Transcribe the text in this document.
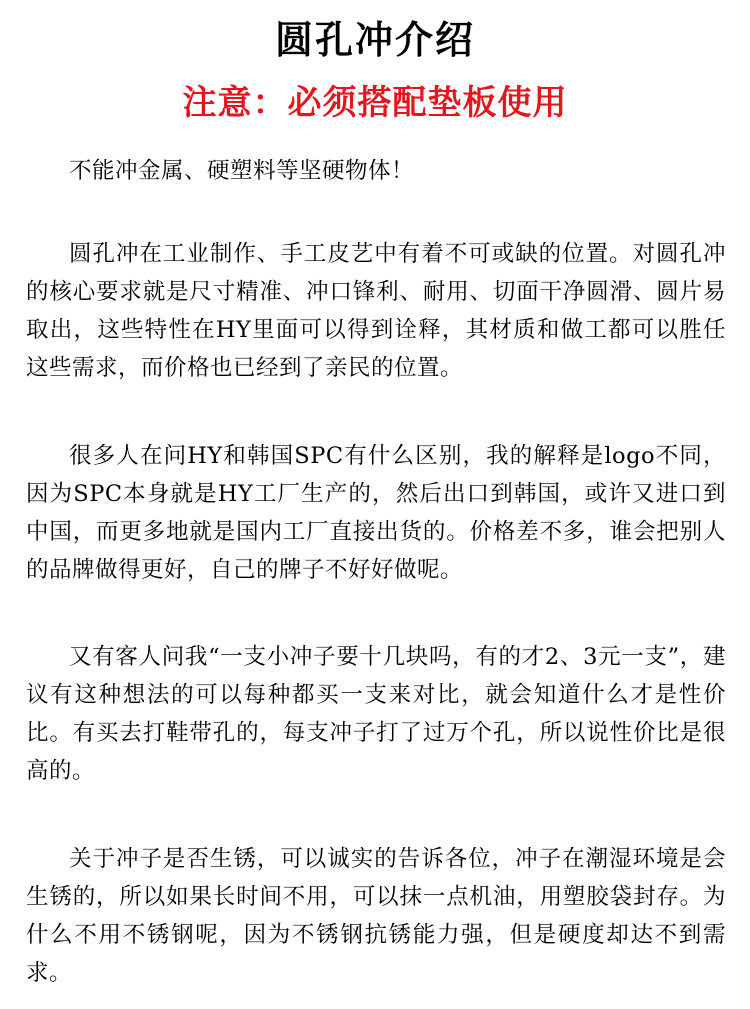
圆孔冲介绍
注意：必须搭配垫板使用

不能冲金属、硬塑料等坚硬物体！

圆孔冲在工业制作、手工皮艺中有着不可或缺的位置。对圆孔冲的核心要求就是尺寸精准、冲口锋利、耐用、切面干净圆滑、圆片易取出，这些特性在HY里面可以得到诠释，其材质和做工都可以胜任这些需求，而价格也已经到了亲民的位置。

很多人在问HY和韩国SPC有什么区别，我的解释是logo不同，因为SPC本身就是HY工厂生产的，然后出口到韩国，或许又进口到中国，而更多地就是国内工厂直接出货的。价格差不多，谁会把别人的品牌做得更好，自己的牌子不好好做呢。

又有客人问我“一支小冲子要十几块吗，有的才2、3元一支”，建议有这种想法的可以每种都买一支来对比，就会知道什么才是性价比。有买去打鞋带孔的，每支冲子打了过万个孔，所以说性价比是很高的。

关于冲子是否生锈，可以诚实的告诉各位，冲子在潮湿环境是会生锈的，所以如果长时间不用，可以抹一点机油，用塑胶袋封存。为什么不用不锈钢呢，因为不锈钢抗锈能力强，但是硬度却达不到需求。
